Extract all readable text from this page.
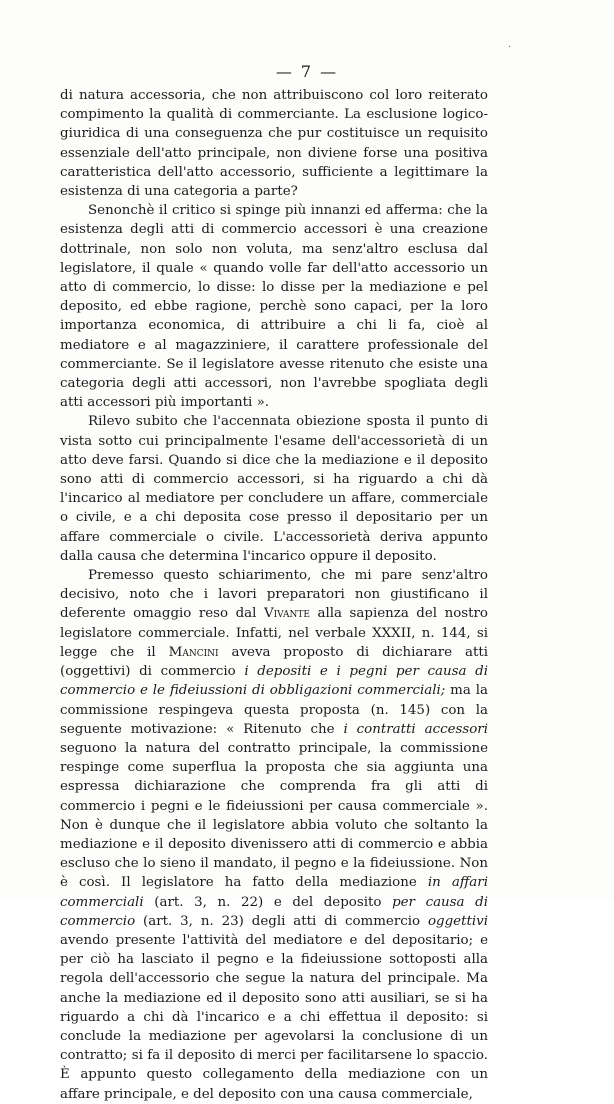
·
— 7 —

di natura accessoria, che non attribuiscono col loro reiterato compimento la qualità di commerciante. La esclusione logico-giuridica di una conseguenza che pur costituisce un requisito essenziale dell'atto principale, non diviene forse una positiva caratteristica dell'atto accessorio, sufficiente a legittimare la esistenza di una categoria a parte?

Senonchè il critico si spinge più innanzi ed afferma: che la esistenza degli atti di commercio accessori è una creazione dottrinale, non solo non voluta, ma senz'altro esclusa dal legislatore, il quale « quando volle far dell'atto accessorio un atto di commercio, lo disse: lo disse per la mediazione e pel deposito, ed ebbe ragione, perchè sono capaci, per la loro importanza economica, di attribuire a chi li fa, cioè al mediatore e al magazziniere, il carattere professionale del commerciante. Se il legislatore avesse ritenuto che esiste una categoria degli atti accessori, non l'avrebbe spogliata degli atti accessori più importanti ».

Rilevo subito che l'accennata obiezione sposta il punto di vista sotto cui principalmente l'esame dell'accessorietà di un atto deve farsi. Quando si dice che la mediazione e il deposito sono atti di commercio accessori, si ha riguardo a chi dà l'incarico al mediatore per concludere un affare, commerciale o civile, e a chi deposita cose presso il depositario per un affare commerciale o civile. L'accessorietà deriva appunto dalla causa che determina l'incarico oppure il deposito.

Premesso questo schiarimento, che mi pare senz'altro decisivo, noto che i lavori preparatori non giustificano il deferente omaggio reso dal Vivante alla sapienza del nostro legislatore commerciale. Infatti, nel verbale XXXII, n. 144, si legge che il Mancini aveva proposto di dichiarare atti (oggettivi) di commercio i depositi e i pegni per causa di commercio e le fideiussioni di obbligazioni commerciali; ma la commissione respingeva questa proposta (n. 145) con la seguente motivazione: « Ritenuto che i contratti accessori seguono la natura del contratto principale, la commissione respinge come superflua la proposta che sia aggiunta una espressa dichiarazione che comprenda fra gli atti di commercio i pegni e le fideiussioni per causa commerciale ». Non è dunque che il legislatore abbia voluto che soltanto la mediazione e il deposito divenissero atti di commercio e abbia escluso che lo sieno il mandato, il pegno e la fideiussione. Non è così. Il legislatore ha fatto della mediazione in affari commerciali (art. 3, n. 22) e del deposito per causa di commercio (art. 3, n. 23) degli atti di commercio oggettivi avendo presente l'attività del mediatore e del depositario; e per ciò ha lasciato il pegno e la fideiussione sottoposti alla regola dell'accessorio che segue la natura del principale. Ma anche la mediazione ed il deposito sono atti ausiliari, se si ha riguardo a chi dà l'incarico e a chi effettua il deposito: si conclude la mediazione per agevolarsi la conclusione di un contratto; si fa il deposito di merci per facilitarsene lo spaccio. È appunto questo collegamento della mediazione con un affare principale, e del deposito con una causa commerciale,
